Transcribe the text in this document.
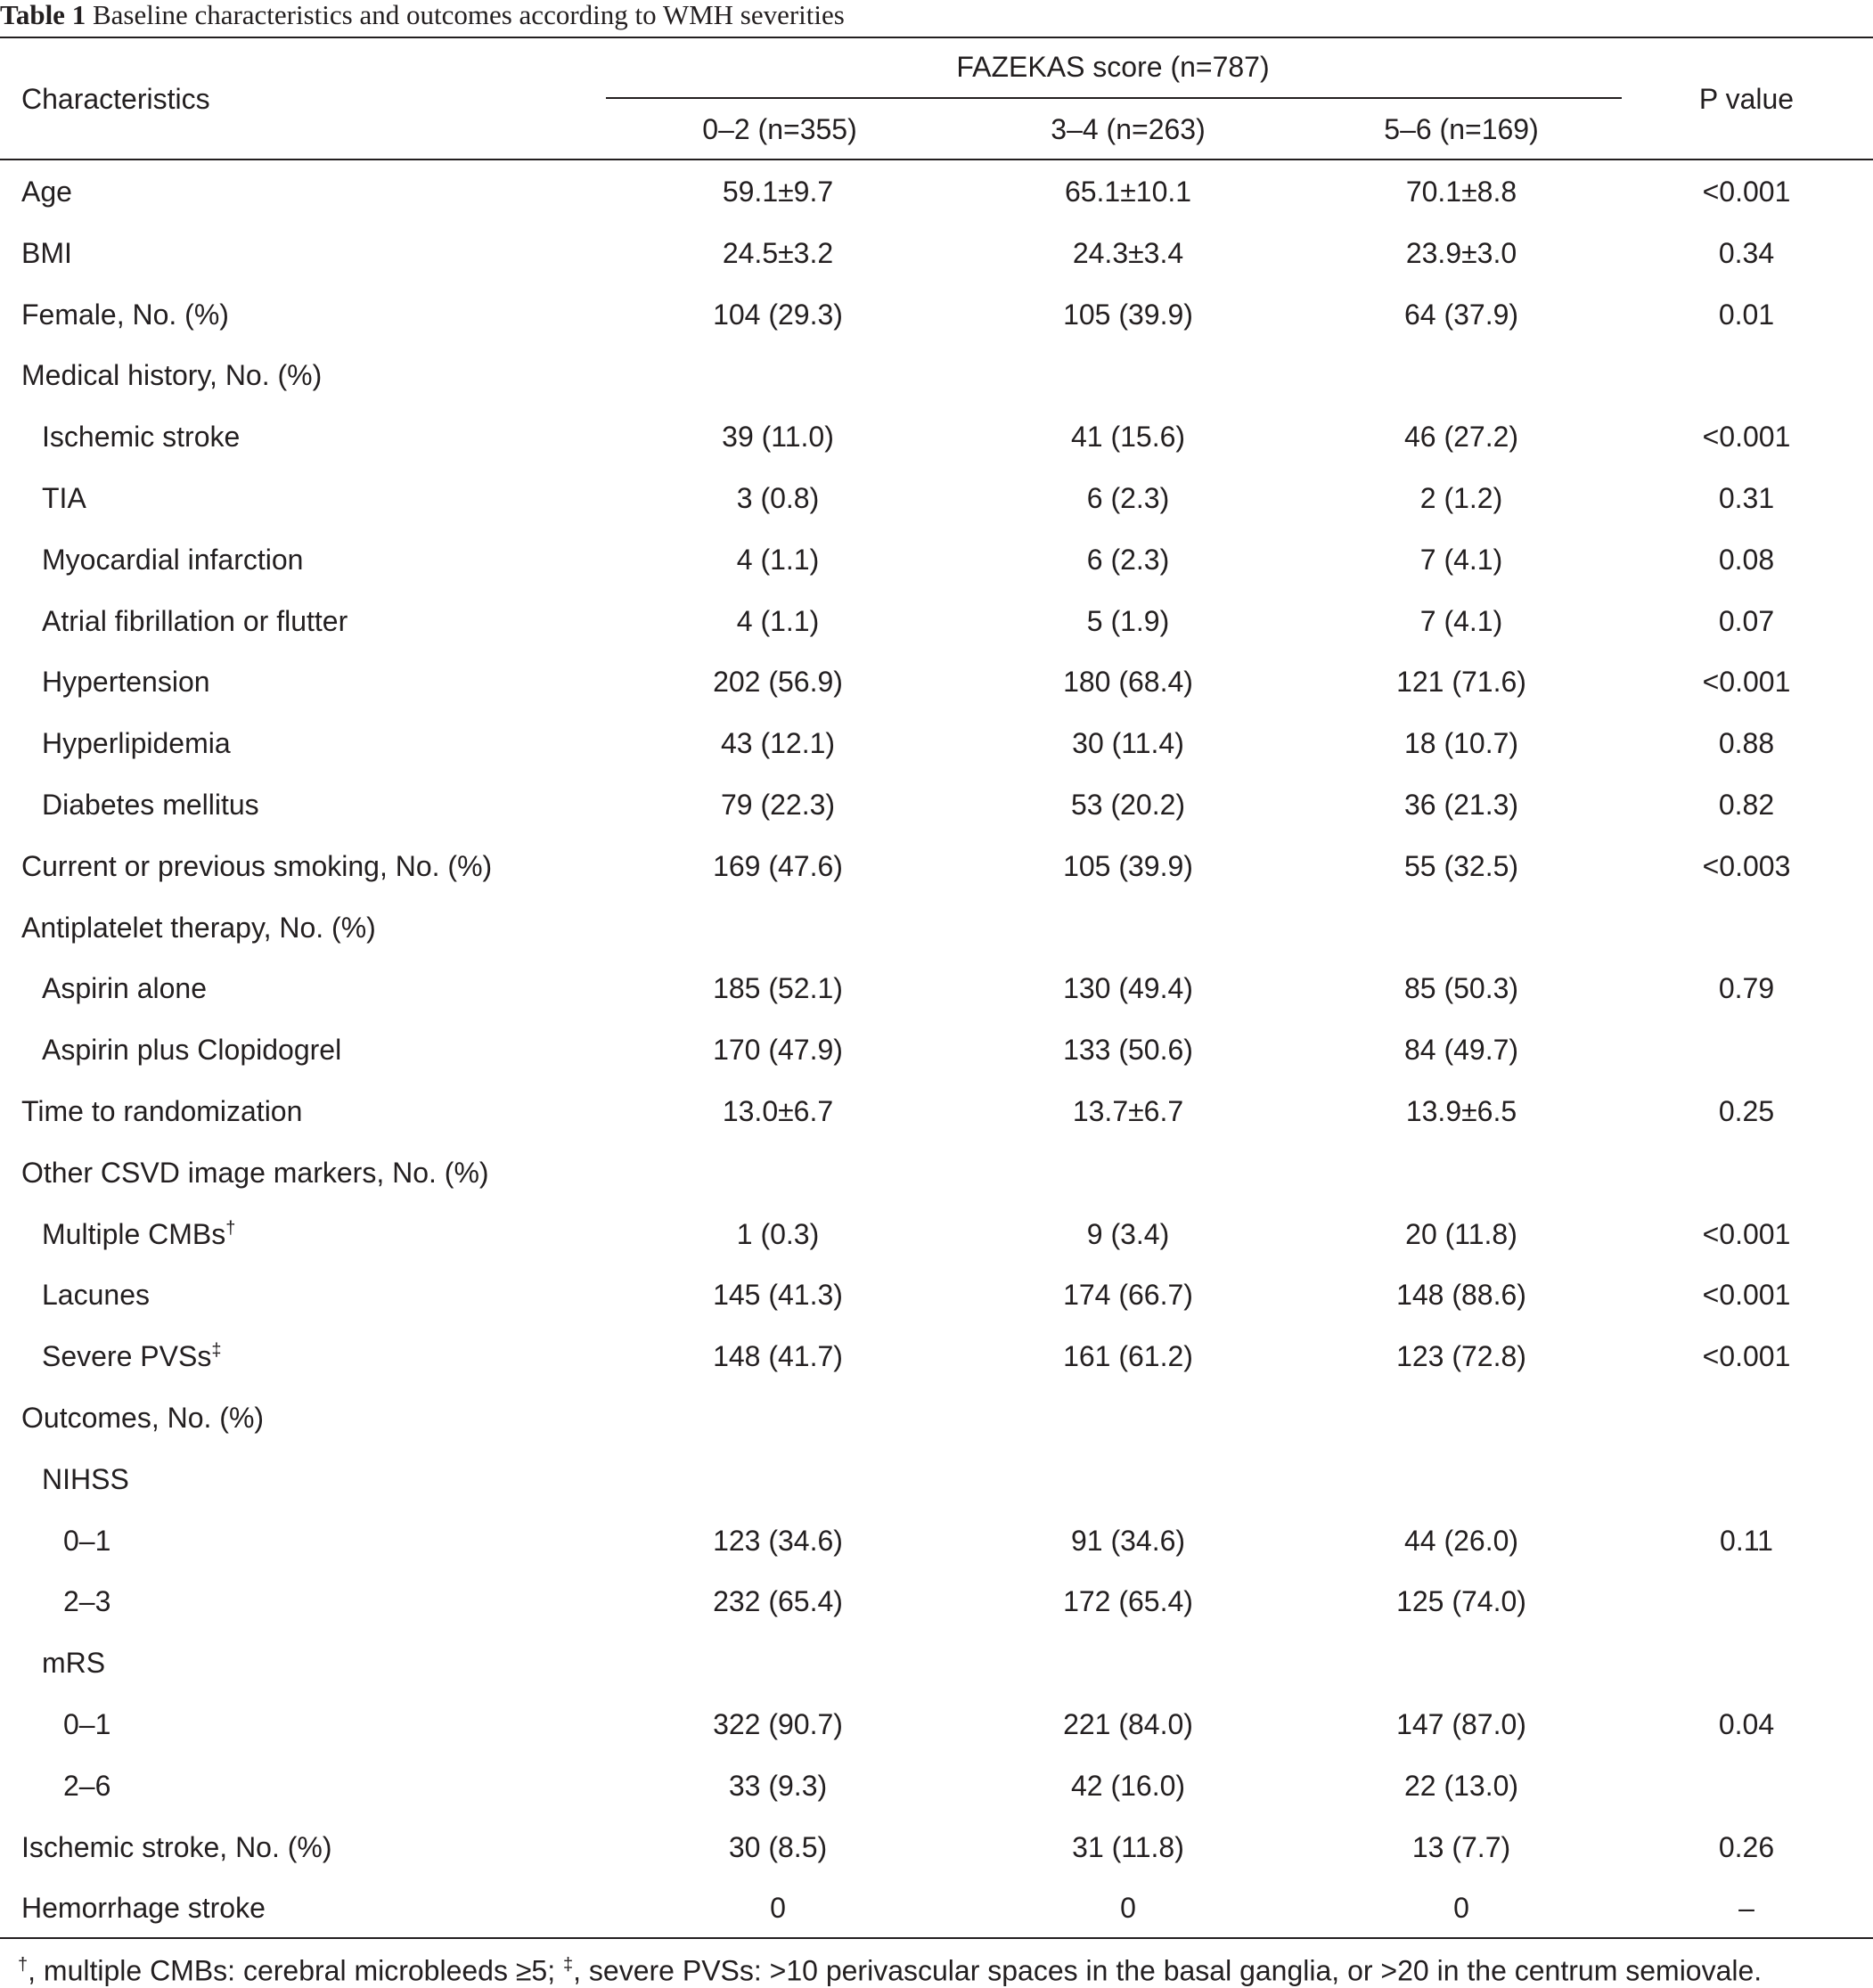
Table 1 Baseline characteristics and outcomes according to WMH severities
Characteristics
FAZEKAS score (n=787)
0–2 (n=355)	3–4 (n=263)	5–6 (n=169)
P value
Age	59.1±9.7	65.1±10.1	70.1±8.8	<0.001
BMI	24.5±3.2	24.3±3.4	23.9±3.0	0.34
Female, No. (%)	104 (29.3)	105 (39.9)	64 (37.9)	0.01
Medical history, No. (%)
Ischemic stroke	39 (11.0)	41 (15.6)	46 (27.2)	<0.001
TIA	3 (0.8)	6 (2.3)	2 (1.2)	0.31
Myocardial infarction	4 (1.1)	6 (2.3)	7 (4.1)	0.08
Atrial fibrillation or flutter	4 (1.1)	5 (1.9)	7 (4.1)	0.07
Hypertension	202 (56.9)	180 (68.4)	121 (71.6)	<0.001
Hyperlipidemia	43 (12.1)	30 (11.4)	18 (10.7)	0.88
Diabetes mellitus	79 (22.3)	53 (20.2)	36 (21.3)	0.82
Current or previous smoking, No. (%)	169 (47.6)	105 (39.9)	55 (32.5)	<0.003
Antiplatelet therapy, No. (%)
Aspirin alone	185 (52.1)	130 (49.4)	85 (50.3)	0.79
Aspirin plus Clopidogrel	170 (47.9)	133 (50.6)	84 (49.7)
Time to randomization	13.0±6.7	13.7±6.7	13.9±6.5	0.25
Other CSVD image markers, No. (%)
Multiple CMBs†	1 (0.3)	9 (3.4)	20 (11.8)	<0.001
Lacunes	145 (41.3)	174 (66.7)	148 (88.6)	<0.001
Severe PVSs‡	148 (41.7)	161 (61.2)	123 (72.8)	<0.001
Outcomes, No. (%)
NIHSS
0–1	123 (34.6)	91 (34.6)	44 (26.0)	0.11
2–3	232 (65.4)	172 (65.4)	125 (74.0)
mRS
0–1	322 (90.7)	221 (84.0)	147 (87.0)	0.04
2–6	33 (9.3)	42 (16.0)	22 (13.0)
Ischemic stroke, No. (%)	30 (8.5)	31 (11.8)	13 (7.7)	0.26
Hemorrhage stroke	0	0	0	–
†, multiple CMBs: cerebral microbleeds ≥5; ‡, severe PVSs: >10 perivascular spaces in the basal ganglia, or >20 in the centrum semiovale.
